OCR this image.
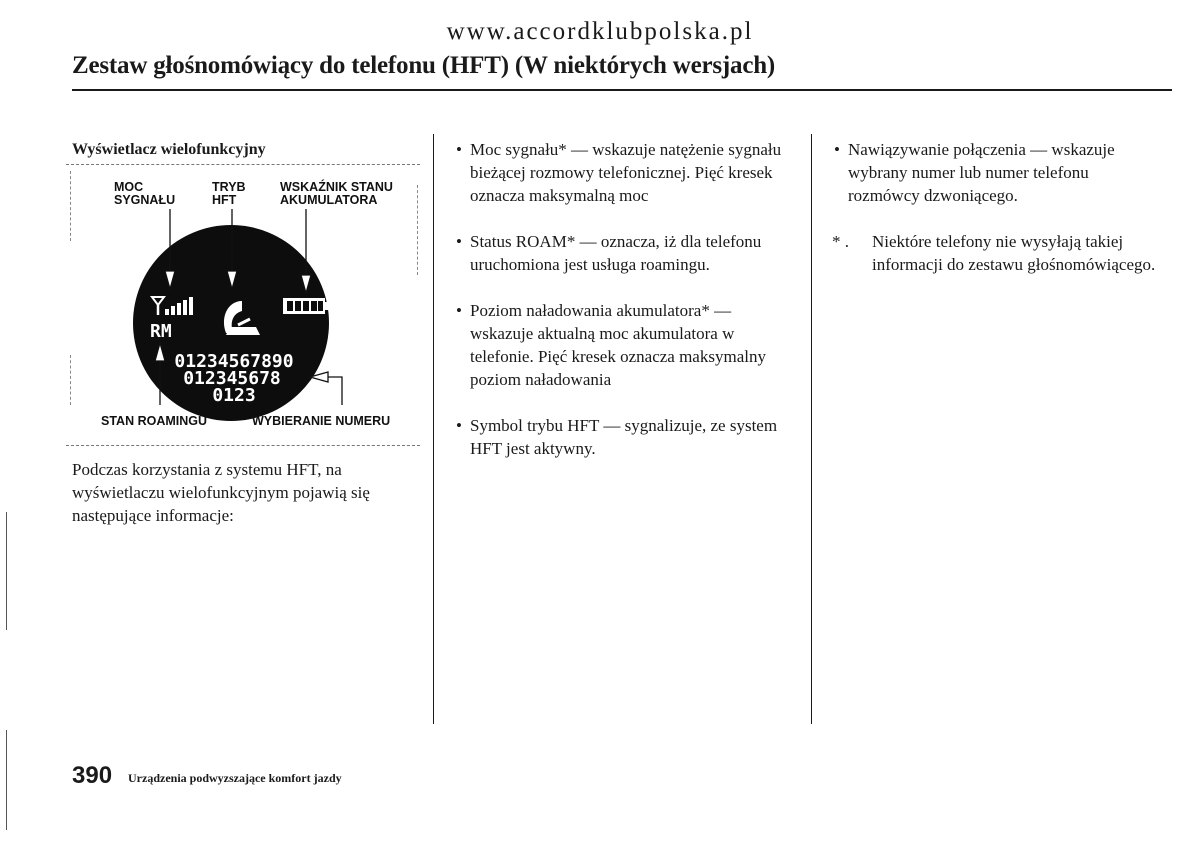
www.accordklubpolska.pl
Zestaw głośnomówiący do telefonu (HFT) (W niektórych wersjach)
Wyświetlacz wielofunkcyjny
RM
01234567890
012345678
0123
MOC
SYGNAŁU
TRYB
HFT
WSKAŹNIK STANU
AKUMULATORA
STAN ROAMINGU	WYBIERANIE NUMERU

Podczas korzystania z systemu HFT, na wyświetlaczu wielofunkcyjnym pojawią się następujące informacje:

• Moc sygnału* — wskazuje natężenie sygnału bieżącej rozmowy telefonicznej. Pięć kresek oznacza maksymalną moc
• Status ROAM* — oznacza, iż dla telefonu uruchomiona jest usługa roamingu.
• Poziom naładowania akumulatora* — wskazuje aktualną moc akumulatora w telefonie. Pięć kresek oznacza maksymalny poziom naładowania
• Symbol trybu HFT — sygnalizuje, ze system HFT jest aktywny.
• Nawiązywanie połączenia — wskazuje wybrany numer lub numer telefonu rozmówcy dzwoniącego.
* .	Niektóre telefony nie wysyłają takiej informacji do zestawu głośnomówiącego.
390 Urządzenia podwyzszające komfort jazdy
